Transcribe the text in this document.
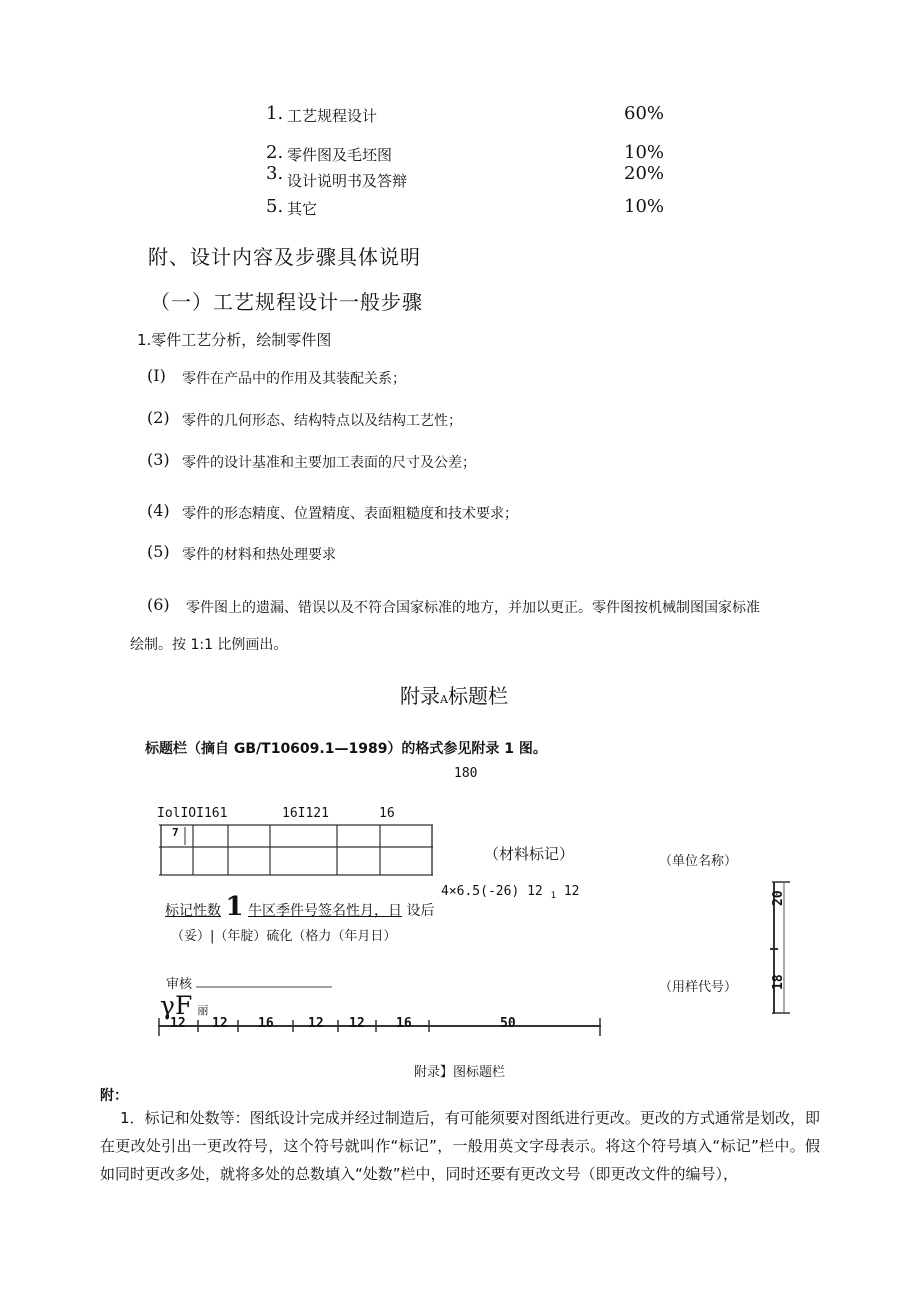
1. 工艺规程设计	60%
2. 零件图及毛坯图	10%
3. 设计说明书及答辩	20%
5. 其它	10%
附、设计内容及步骤具体说明
（一）工艺规程设计一般步骤
1.零件工艺分析，绘制零件图
(I) 零件在产品中的作用及其装配关系；
(2) 零件的几何形态、结构特点以及结构工艺性；
(3) 零件的设计基准和主要加工表面的尺寸及公差；
(4) 零件的形态精度、位置精度、表面粗糙度和技术要求；
(5) 零件的材料和热处理要求
(6) 零件图上的遗漏、错误以及不符合国家标准的地方，并加以更正。零件图按机械制图国家标准
绘制。按 1:1 比例画出。
附录A标题栏
标题栏（摘自 GB/T10609.1—1989）的格式参见附录 1 图。
180
IolIOI161	16I121	16
7
（材料标记）	（单位名称）
4×6.5(-26) 12 $_1$ 12
标记性数 1 牛区季件号签名性月，日 设后
（妥）|（年腚）硫化（格力（年月日）
审核	（用样代号）
γF 丽
20
18
12 12 16	12 12 16	50
附录】图标题栏
附：
1．标记和处数等：图纸设计完成并经过制造后，有可能须要对图纸进行更改。更改的方式通常是划改，即在更改处引出一更改符号，这个符号就叫作“标记”，一般用英文字母表示。将这个符号填入“标记”栏中。假如同时更改多处，就将多处的总数填入“处数”栏中，同时还要有更改文号（即更改文件的编号），
